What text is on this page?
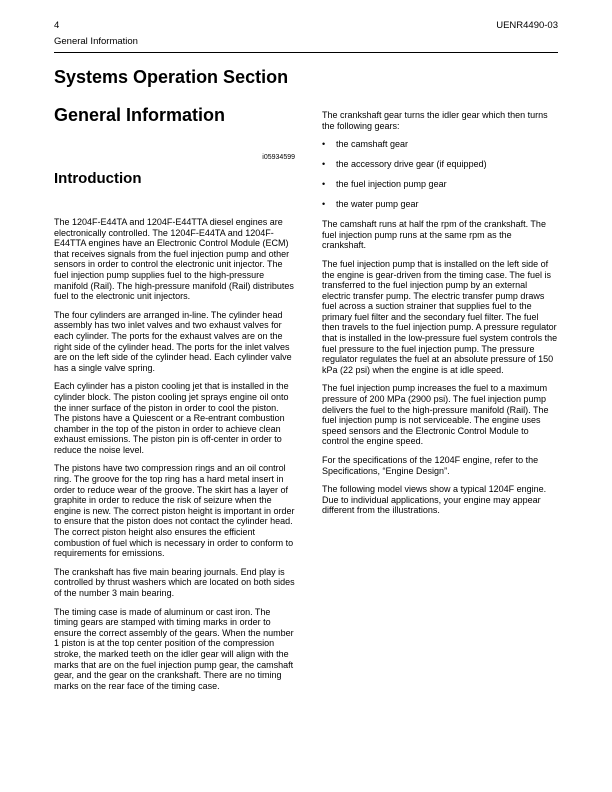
4	UENR4490-03
General Information
Systems Operation Section
General Information
i05934599
Introduction

The 1204F-E44TA and 1204F-E44TTA diesel engines are electronically controlled. The 1204F-E44TA and 1204F-E44TTA engines have an Electronic Control Module (ECM) that receives signals from the fuel injection pump and other sensors in order to control the electronic unit injector. The fuel injection pump supplies fuel to the high-pressure manifold (Rail). The high-pressure manifold (Rail) distributes fuel to the electronic unit injectors.

The four cylinders are arranged in-line. The cylinder head assembly has two inlet valves and two exhaust valves for each cylinder. The ports for the exhaust valves are on the right side of the cylinder head. The ports for the inlet valves are on the left side of the cylinder head. Each cylinder valve has a single valve spring.

Each cylinder has a piston cooling jet that is installed in the cylinder block. The piston cooling jet sprays engine oil onto the inner surface of the piston in order to cool the piston. The pistons have a Quiescent or a Re-entrant combustion chamber in the top of the piston in order to achieve clean exhaust emissions. The piston pin is off-center in order to reduce the noise level.

The pistons have two compression rings and an oil control ring. The groove for the top ring has a hard metal insert in order to reduce wear of the groove. The skirt has a layer of graphite in order to reduce the risk of seizure when the engine is new. The correct piston height is important in order to ensure that the piston does not contact the cylinder head. The correct piston height also ensures the efficient combustion of fuel which is necessary in order to conform to requirements for emissions.

The crankshaft has five main bearing journals. End play is controlled by thrust washers which are located on both sides of the number 3 main bearing.

The timing case is made of aluminum or cast iron. The timing gears are stamped with timing marks in order to ensure the correct assembly of the gears. When the number 1 piston is at the top center position of the compression stroke, the marked teeth on the idler gear will align with the marks that are on the fuel injection pump gear, the camshaft gear, and the gear on the crankshaft. There are no timing marks on the rear face of the timing case.

The crankshaft gear turns the idler gear which then turns the following gears:

• the camshaft gear
• the accessory drive gear (if equipped)
• the fuel injection pump gear
• the water pump gear

The camshaft runs at half the rpm of the crankshaft. The fuel injection pump runs at the same rpm as the crankshaft.

The fuel injection pump that is installed on the left side of the engine is gear-driven from the timing case. The fuel is transferred to the fuel injection pump by an external electric transfer pump. The electric transfer pump draws fuel across a suction strainer that supplies fuel to the primary fuel filter and the secondary fuel filter. The fuel then travels to the fuel injection pump. A pressure regulator that is installed in the low-pressure fuel system controls the fuel pressure to the fuel injection pump. The pressure regulator regulates the fuel at an absolute pressure of 150 kPa (22 psi) when the engine is at idle speed.

The fuel injection pump increases the fuel to a maximum pressure of 200 MPa (2900 psi). The fuel injection pump delivers the fuel to the high-pressure manifold (Rail). The fuel injection pump is not serviceable. The engine uses speed sensors and the Electronic Control Module to control the engine speed.

For the specifications of the 1204F engine, refer to the Specifications, “Engine Design”.

The following model views show a typical 1204F engine. Due to individual applications, your engine may appear different from the illustrations.
